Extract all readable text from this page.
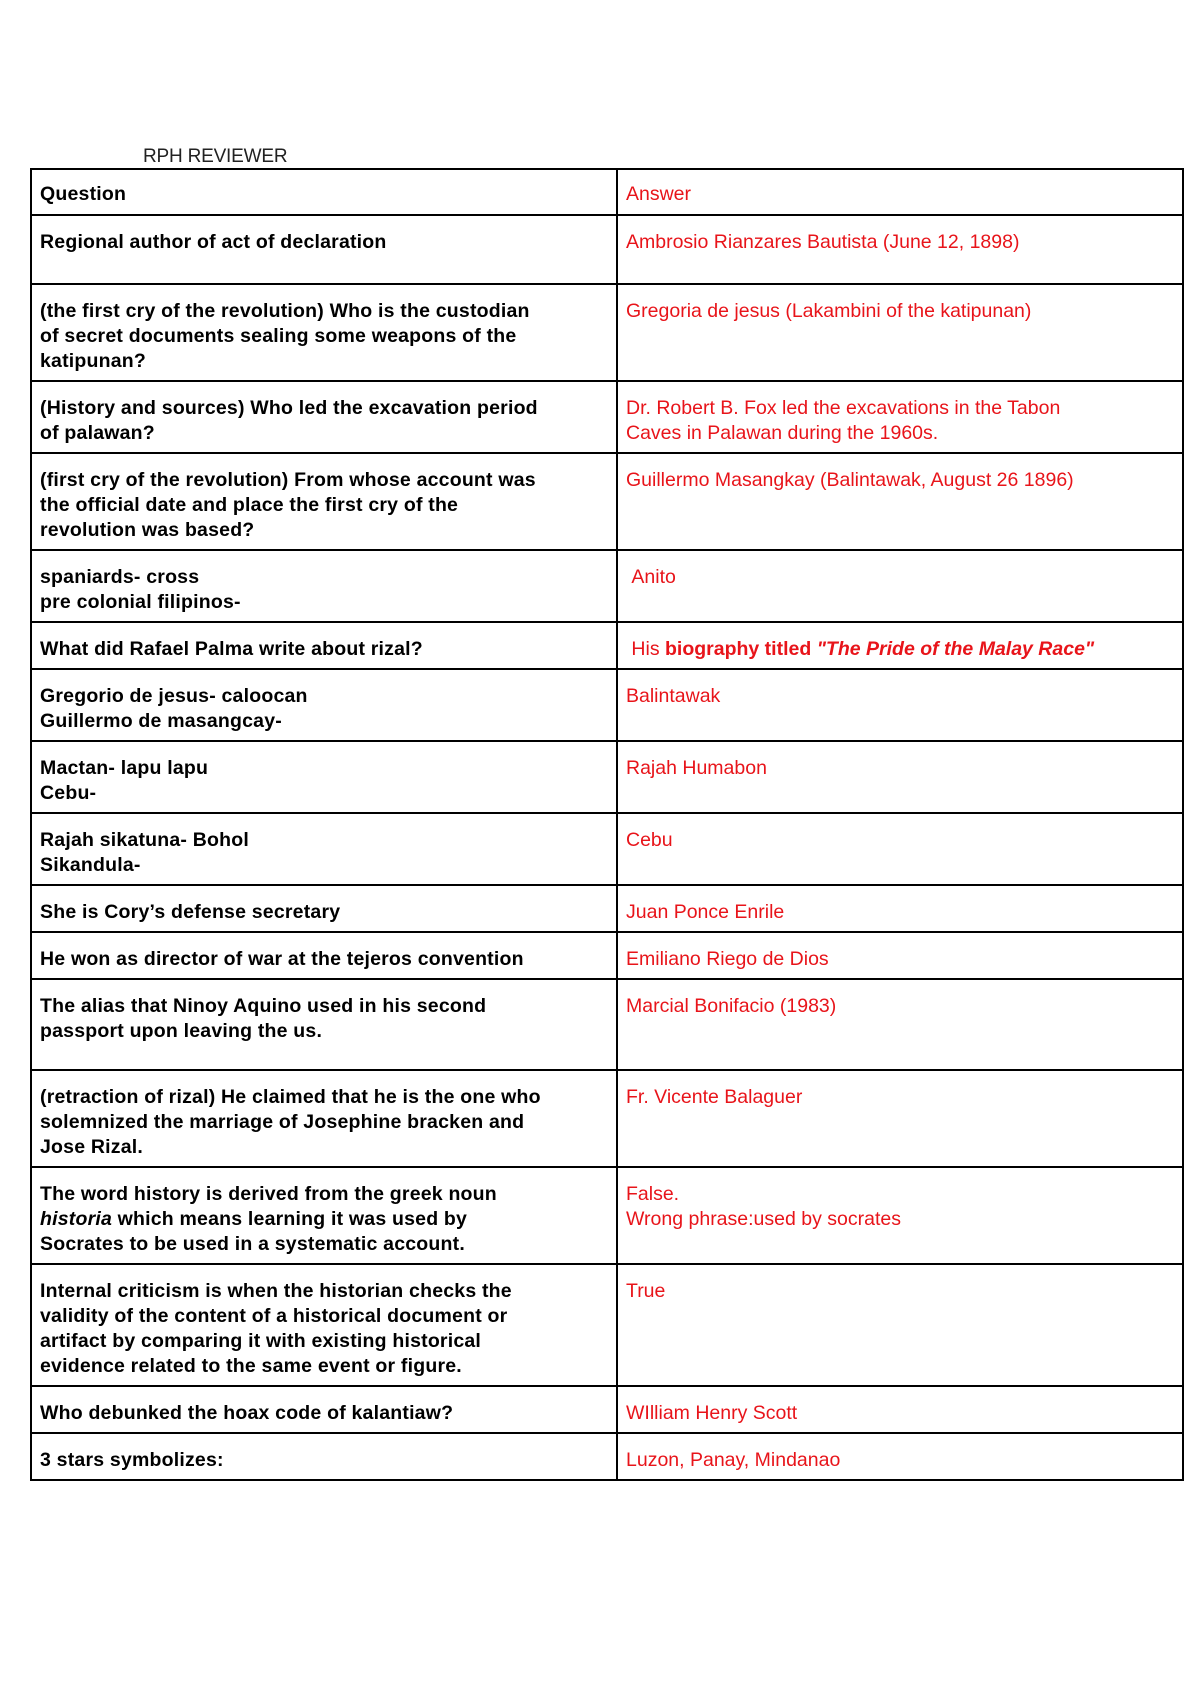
RPH REVIEWER
Question	Answer

Regional author of act of declaration	Ambrosio Rianzares Bautista (June 12, 1898)

(the first cry of the revolution) Who is the custodian
of secret documents sealing some weapons of the
katipunan?	Gregoria de jesus (Lakambini of the katipunan)

(History and sources) Who led the excavation period
of palawan?	Dr. Robert B. Fox led the excavations in the Tabon
Caves in Palawan during the 1960s.

(first cry of the revolution) From whose account was
the official date and place the first cry of the
revolution was based?	Guillermo Masangkay (Balintawak, August 26 1896)

spaniards- cross
pre colonial filipinos-	Anito

What did Rafael Palma write about rizal?	His biography titled "The Pride of the Malay Race"

Gregorio de jesus- caloocan
Guillermo de masangcay-	Balintawak

Mactan- lapu lapu
Cebu-	Rajah Humabon

Rajah sikatuna- Bohol
Sikandula-	Cebu

She is Cory’s defense secretary	Juan Ponce Enrile

He won as director of war at the tejeros convention	Emiliano Riego de Dios

The alias that Ninoy Aquino used in his second
passport upon leaving the us.	Marcial Bonifacio (1983)

(retraction of rizal) He claimed that he is the one who
solemnized the marriage of Josephine bracken and
Jose Rizal.	Fr. Vicente Balaguer

The word history is derived from the greek noun
historia which means learning it was used by
Socrates to be used in a systematic account.	False.
Wrong phrase:used by socrates

Internal criticism is when the historian checks the
validity of the content of a historical document or
artifact by comparing it with existing historical
evidence related to the same event or figure.	True

Who debunked the hoax code of kalantiaw?	WIlliam Henry Scott

3 stars symbolizes:	Luzon, Panay, Mindanao
